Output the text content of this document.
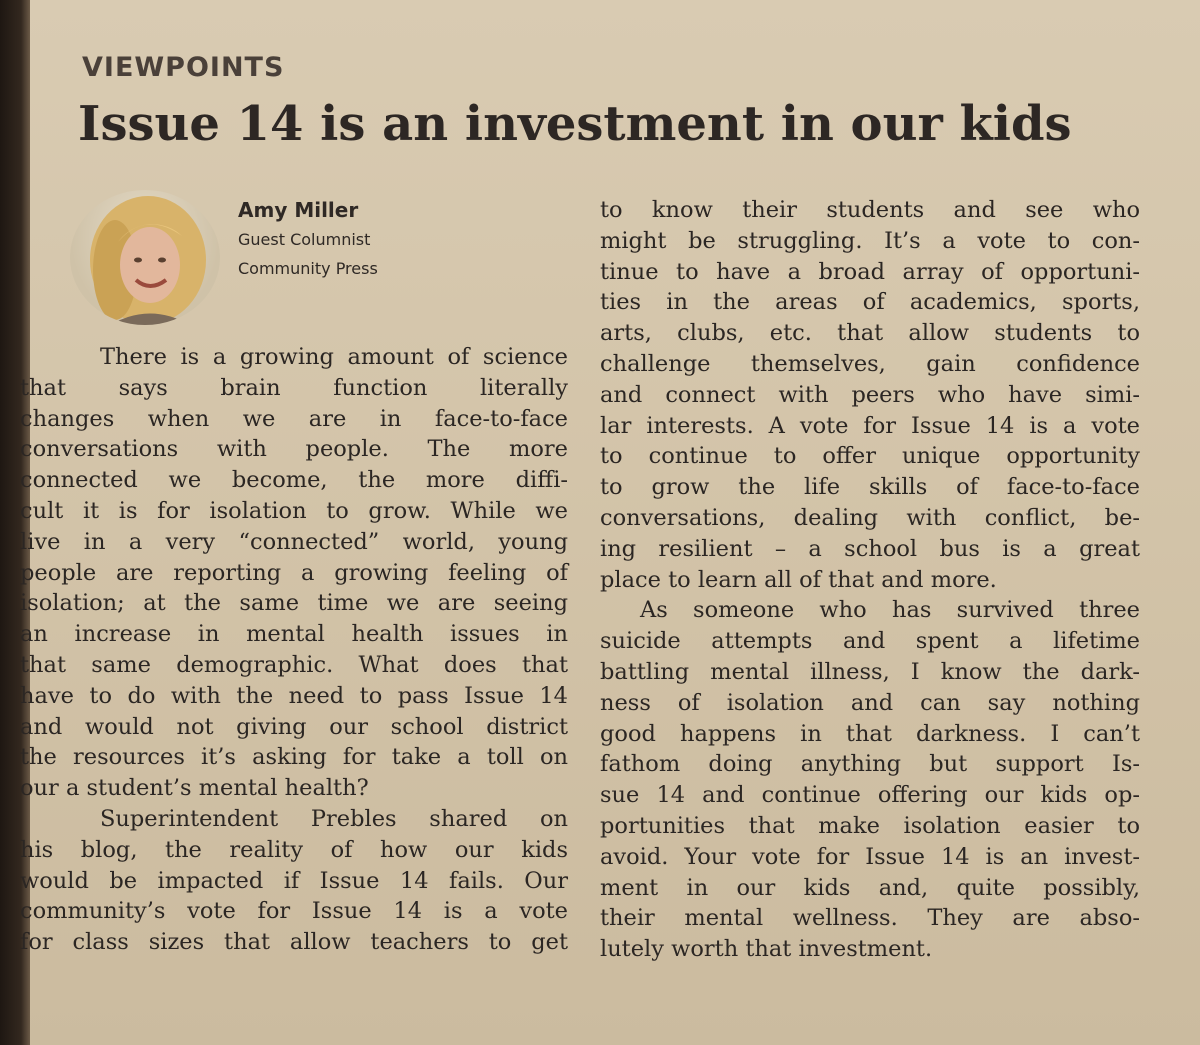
VIEWPOINTS
Issue 14 is an investment in our kids

Amy Miller

Guest Columnist

Community Press

There is a growing amount of science
that says brain function literally
changes when we are in face-to-face
conversations with people. The more
connected we become, the more diffi-
cult it is for isolation to grow. While we
live in a very “connected” world, young
people are reporting a growing feeling of
isolation; at the same time we are seeing
an increase in mental health issues in
that same demographic. What does that
have to do with the need to pass Issue 14
and would not giving our school district
the resources it’s asking for take a toll on
our a student’s mental health?
Superintendent Prebles shared on
his blog, the reality of how our kids
would be impacted if Issue 14 fails. Our
community’s vote for Issue 14 is a vote
for class sizes that allow teachers to get
to know their students and see who
might be struggling. It’s a vote to con-
tinue to have a broad array of opportuni-
ties in the areas of academics, sports,
arts, clubs, etc. that allow students to
challenge themselves, gain confidence
and connect with peers who have simi-
lar interests. A vote for Issue 14 is a vote
to continue to offer unique opportunity
to grow the life skills of face-to-face
conversations, dealing with conflict, be-
ing resilient – a school bus is a great
place to learn all of that and more.
As someone who has survived three
suicide attempts and spent a lifetime
battling mental illness, I know the dark-
ness of isolation and can say nothing
good happens in that darkness. I can’t
fathom doing anything but support Is-
sue 14 and continue offering our kids op-
portunities that make isolation easier to
avoid. Your vote for Issue 14 is an invest-
ment in our kids and, quite possibly,
their mental wellness. They are abso-
lutely worth that investment.
